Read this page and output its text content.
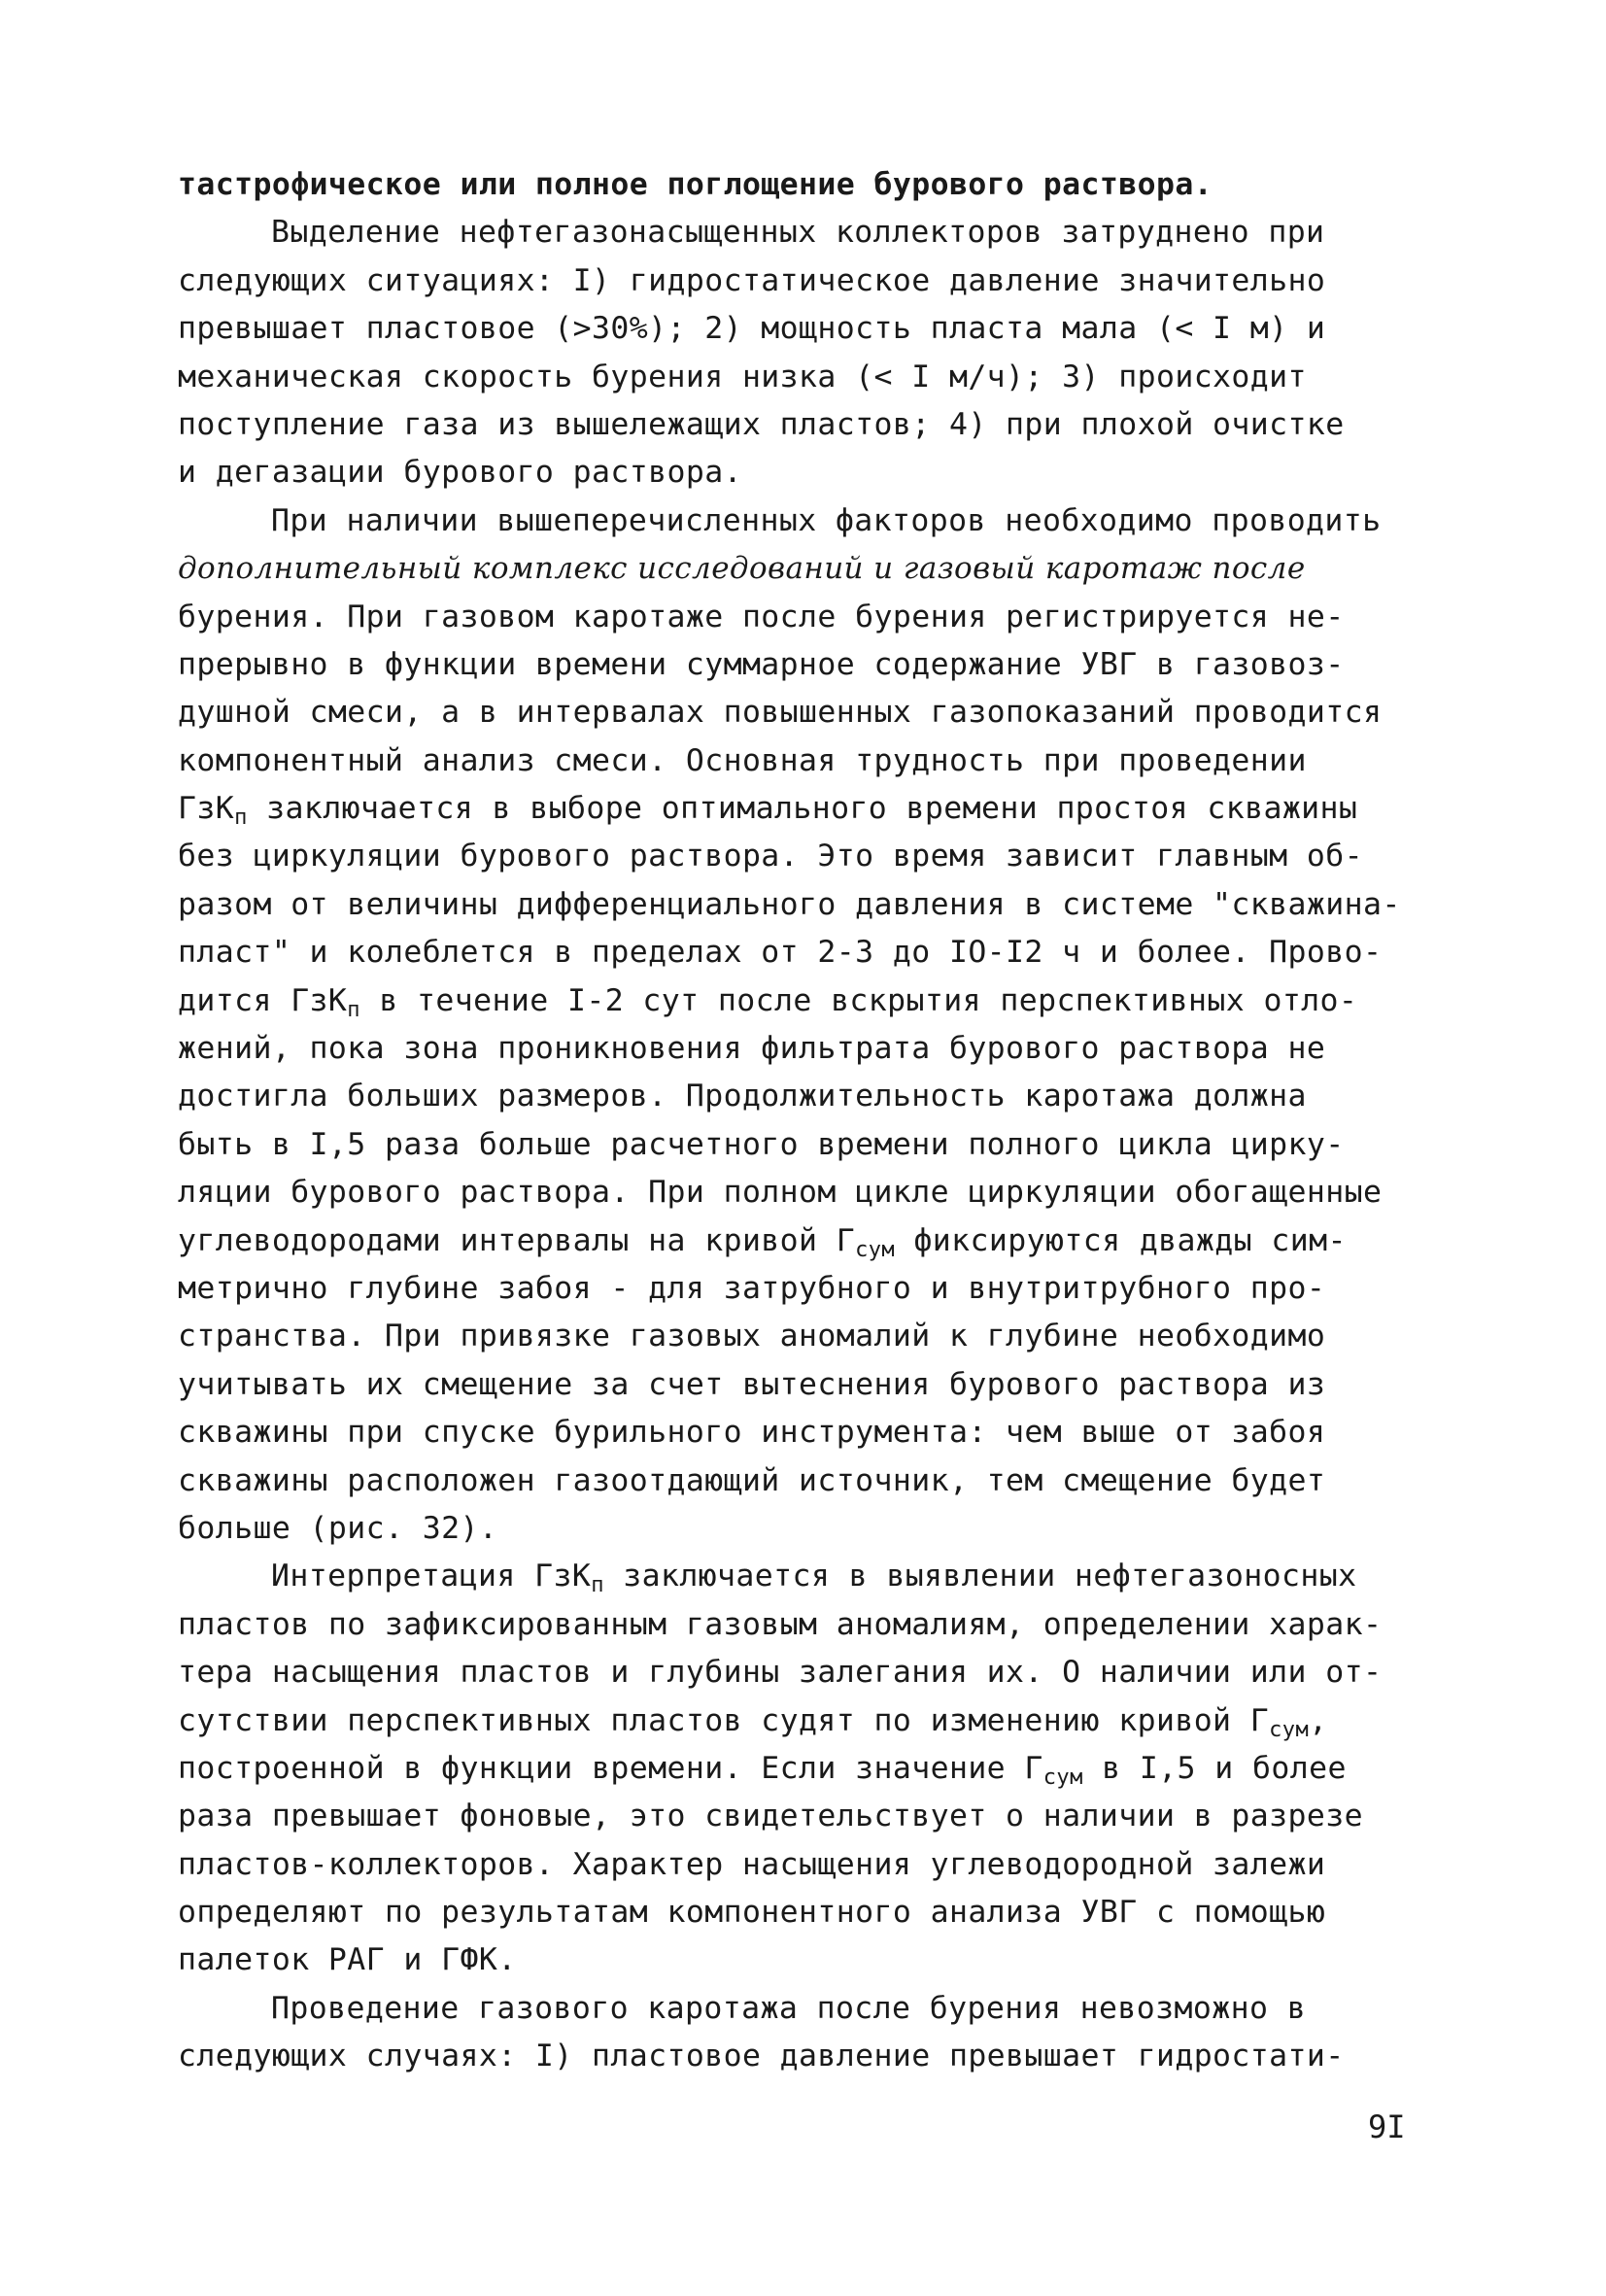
тастрофическое или полное поглощение бурового раствора.
Выделение нефтегазонасыщенных коллекторов затруднено при
следующих ситуациях: I) гидростатическое давление значительно
превышает пластовое (>30%); 2) мощность пласта мала (< I м) и
механическая скорость бурения низка (< I м/ч); 3) происходит
поступление газа из вышележащих пластов; 4) при плохой очистке
и дегазации бурового раствора.
При наличии вышеперечисленных факторов необходимо проводить
дополнительный комплекс исследований и газовый каротаж после
бурения. При газовом каротаже после бурения регистрируется не-
прерывно в функции времени суммарное содержание УВГ в газовоз-
душной смеси, а в интервалах повышенных газопоказаний проводится
компонентный анализ смеси. Основная трудность при проведении
ГзК$_п$ заключается в выборе оптимального времени простоя скважины
без циркуляции бурового раствора. Это время зависит главным об-
разом от величины дифференциального давления в системе "скважина-
пласт" и колеблется в пределах от 2-3 до IO-I2 ч и более. Прово-
дится ГзК$_п$ в течение I-2 сут после вскрытия перспективных отло-
жений, пока зона проникновения фильтрата бурового раствора не
достигла больших размеров. Продолжительность каротажа должна
быть в I,5 раза больше расчетного времени полного цикла циркy-
ляции бурового раствора. При полном цикле циркуляции обогащенные
углеводородами интервалы на кривой $Г_{сум}$ фиксируются дважды сим-
метрично глубине забоя - для затрубного и внутритрубного про-
странства. При привязке газовых аномалий к глубине необходимо
учитывать их смещение за счет вытеснения бурового раствора из
скважины при спуске бурильного инструмента: чем выше от забоя
скважины расположен газоотдающий источник, тем смещение будет
больше (рис. 32).
Интерпретация ГзК$_п$ заключается в выявлении нефтегазоносных
пластов по зафиксированным газовым аномалиям, определении харак-
тера насыщения пластов и глубины залегания их. О наличии или от-
сутствии перспективных пластов судят по изменению кривой $Г_{сум}$,
построенной в функции времени. Если значение $Г_{сум}$ в I,5 и более
раза превышает фоновые, это свидетельствует о наличии в разрезе
пластов-коллекторов. Характер насыщения углеводородной залежи
определяют по результатам компонентного анализа УВГ с помощью
палеток РАГ и ГФК.
Проведение газового каротажа после бурения невозможно в
следующих случаях: I) пластовое давление превышает гидростати-
9I
